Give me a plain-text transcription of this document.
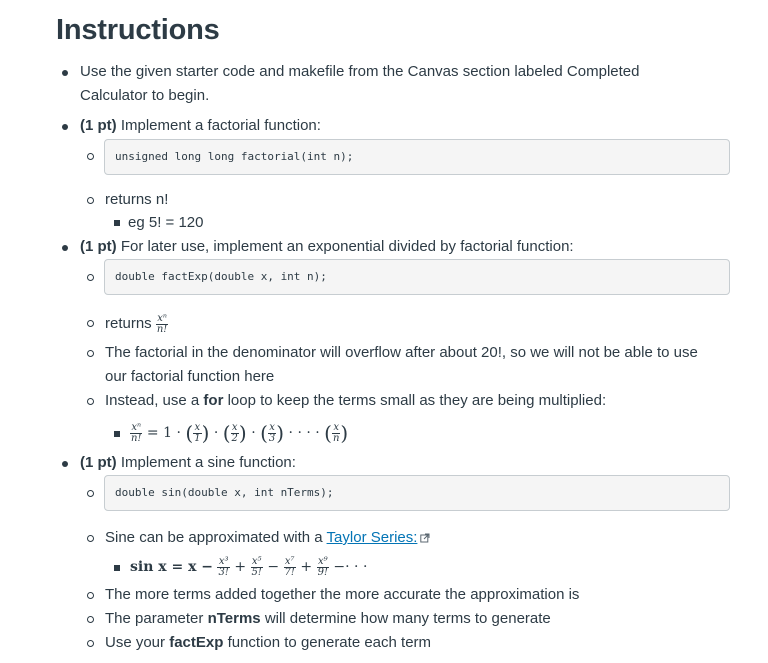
Instructions
Use the given starter code and makefile from the Canvas section labeled Completed
Calculator to begin.
(1 pt) Implement a factorial function:
unsigned long long factorial(int n);
returns n!
eg 5! = 120
(1 pt) For later use, implement an exponential divided by factorial function:
double factExp(double x, int n);
returns $\frac{\text{xⁿ}}{n!}$
The factorial in the denominator will overflow after about 20!, so we will not be able to use
our factorial function here
Instead, use a for loop to keep the terms small as they are being multiplied:
$\frac{\text{xⁿ}}{n!} = 1$ · ( $\frac{x}{1}$ ) · ( $\frac{x}{2}$ ) · ( $\frac{x}{3}$ ) · · · · ( $\frac{x}{n}$ )
(1 pt) Implement a sine function:
double sin(double x, int nTerms);
Sine can be approximated with a Taylor Series:
$\sin x = x - \frac{\text{x³}}{3!} + \frac{\text{x⁵}}{5!} - \frac{\text{x⁷}}{7!} + \frac{\text{x⁹}}{9!}$ −· · ·
The more terms added together the more accurate the approximation is
The parameter nTerms will determine how many terms to generate
Use your factExp function to generate each term
